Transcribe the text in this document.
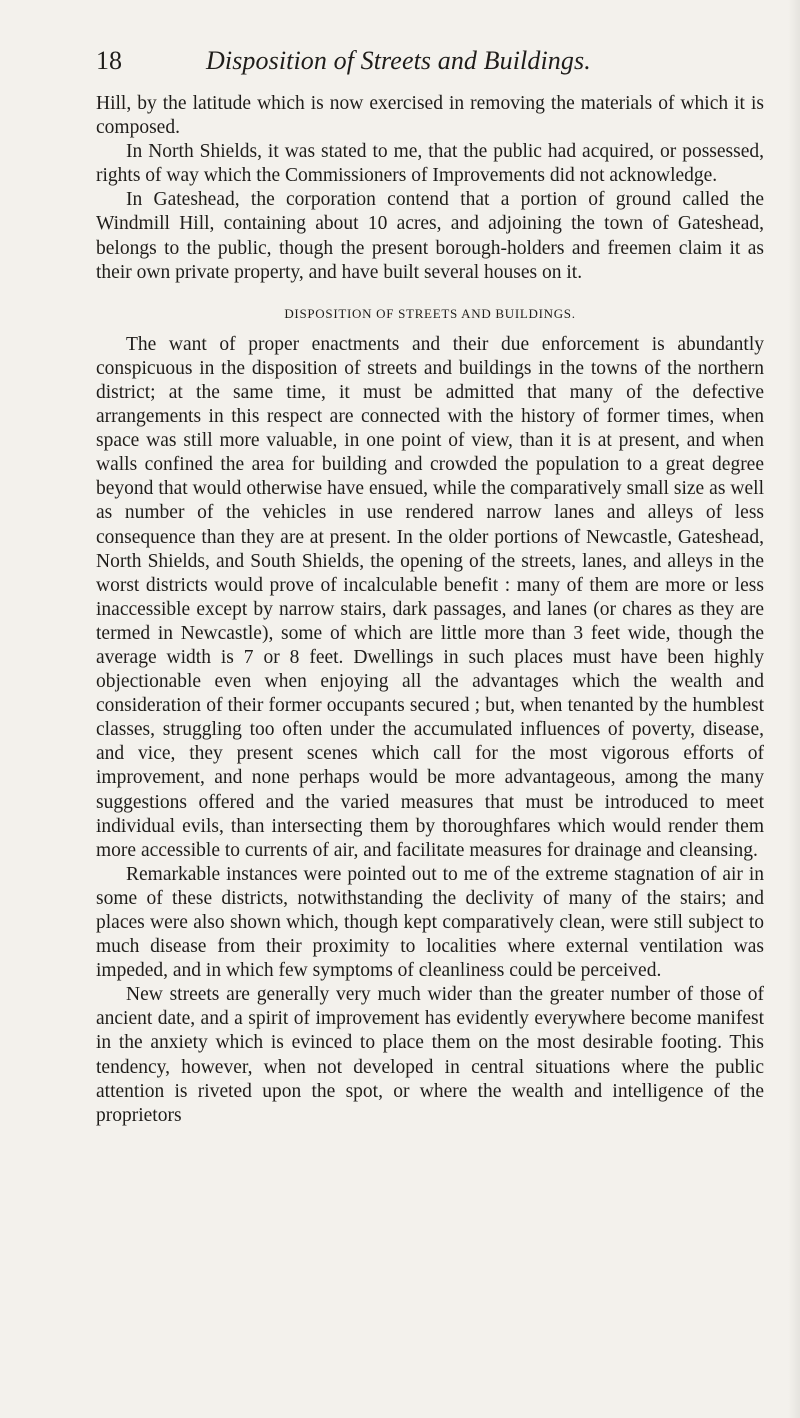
18	Disposition of Streets and Buildings.

Hill, by the latitude which is now exercised in removing the materials of which it is composed.

In North Shields, it was stated to me, that the public had acquired, or possessed, rights of way which the Commissioners of Improvements did not acknowledge.

In Gateshead, the corporation contend that a portion of ground called the Windmill Hill, containing about 10 acres, and adjoining the town of Gateshead, belongs to the public, though the present borough-holders and freemen claim it as their own private property, and have built several houses on it.

DISPOSITION OF STREETS AND BUILDINGS.

The want of proper enactments and their due enforcement is abundantly conspicuous in the disposition of streets and buildings in the towns of the northern district; at the same time, it must be admitted that many of the defective arrangements in this respect are connected with the history of former times, when space was still more valuable, in one point of view, than it is at present, and when walls confined the area for building and crowded the population to a great degree beyond that would otherwise have ensued, while the comparatively small size as well as number of the vehicles in use rendered narrow lanes and alleys of less consequence than they are at present. In the older portions of Newcastle, Gateshead, North Shields, and South Shields, the opening of the streets, lanes, and alleys in the worst districts would prove of incalculable benefit : many of them are more or less inaccessible except by narrow stairs, dark passages, and lanes (or chares as they are termed in Newcastle), some of which are little more than 3 feet wide, though the average width is 7 or 8 feet. Dwellings in such places must have been highly objectionable even when enjoying all the advantages which the wealth and consideration of their former occupants secured ; but, when tenanted by the humblest classes, struggling too often under the accumulated influences of poverty, disease, and vice, they present scenes which call for the most vigorous efforts of improvement, and none perhaps would be more advantageous, among the many suggestions offered and the varied measures that must be introduced to meet individual evils, than intersecting them by thoroughfares which would render them more accessible to currents of air, and facilitate measures for drainage and cleansing.

Remarkable instances were pointed out to me of the extreme stagnation of air in some of these districts, notwithstanding the declivity of many of the stairs; and places were also shown which, though kept comparatively clean, were still subject to much disease from their proximity to localities where external ventilation was impeded, and in which few symptoms of cleanliness could be perceived.

New streets are generally very much wider than the greater number of those of ancient date, and a spirit of improvement has evidently everywhere become manifest in the anxiety which is evinced to place them on the most desirable footing. This tendency, however, when not developed in central situations where the public attention is riveted upon the spot, or where the wealth and intelligence of the proprietors
